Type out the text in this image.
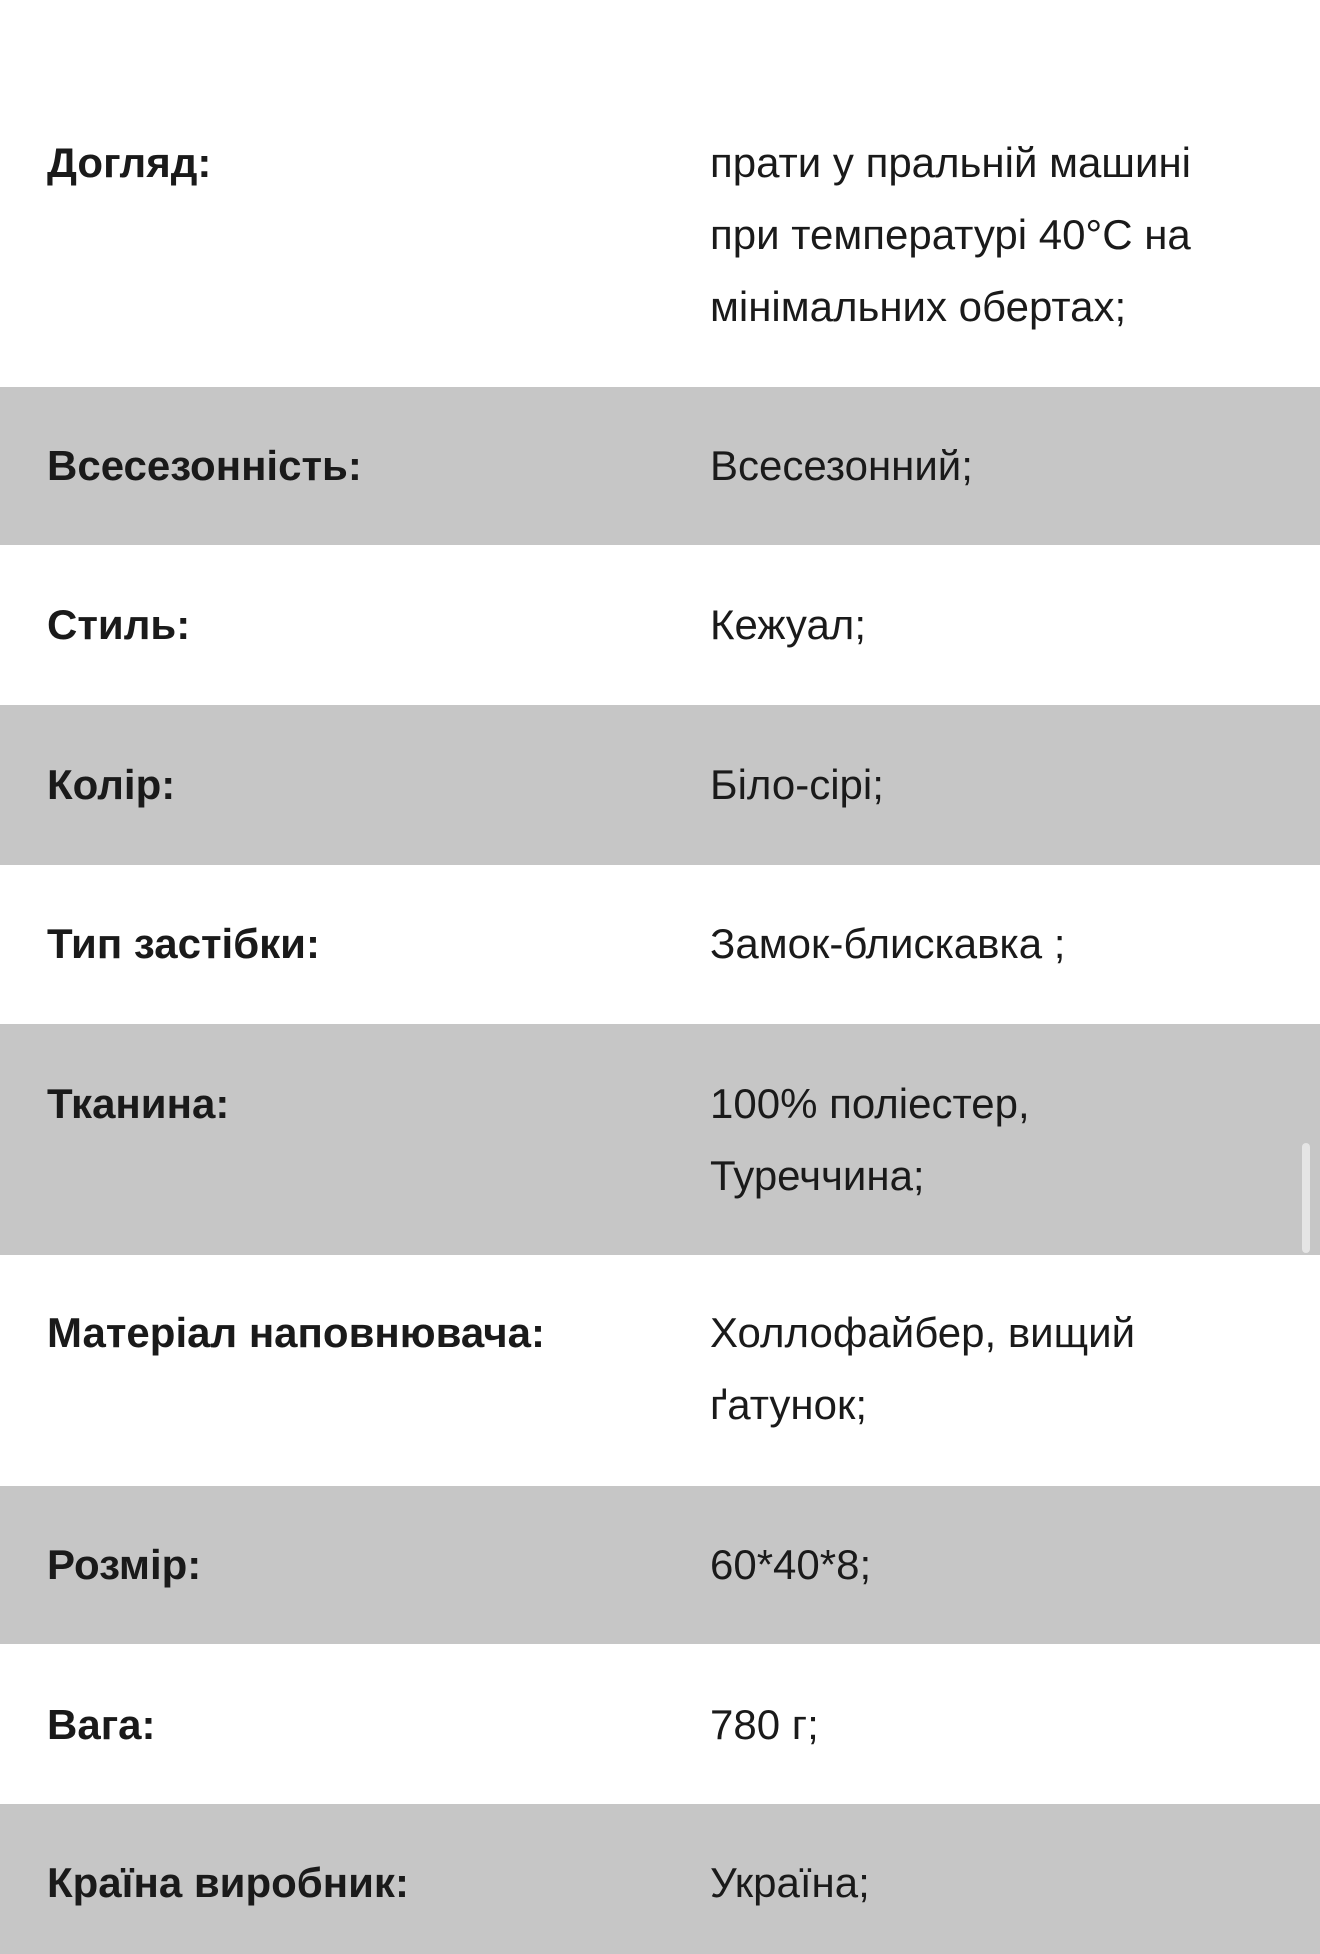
Догляд:	прати у пральній машині
при температурі 40°C на
мінімальних обертах;
Всесезонність:	Всесезонний;
Стиль:	Кежуал;
Колір:	Біло-сірі;
Тип застібки:	Замок-блискавка ;
Тканина:	100% поліестер,
Туреччина;
Матеріал наповнювача:	Холлофайбер, вищий
ґатунок;
Розмір:	60*40*8;
Вага:	780 г;
Країна виробник:	Україна;
